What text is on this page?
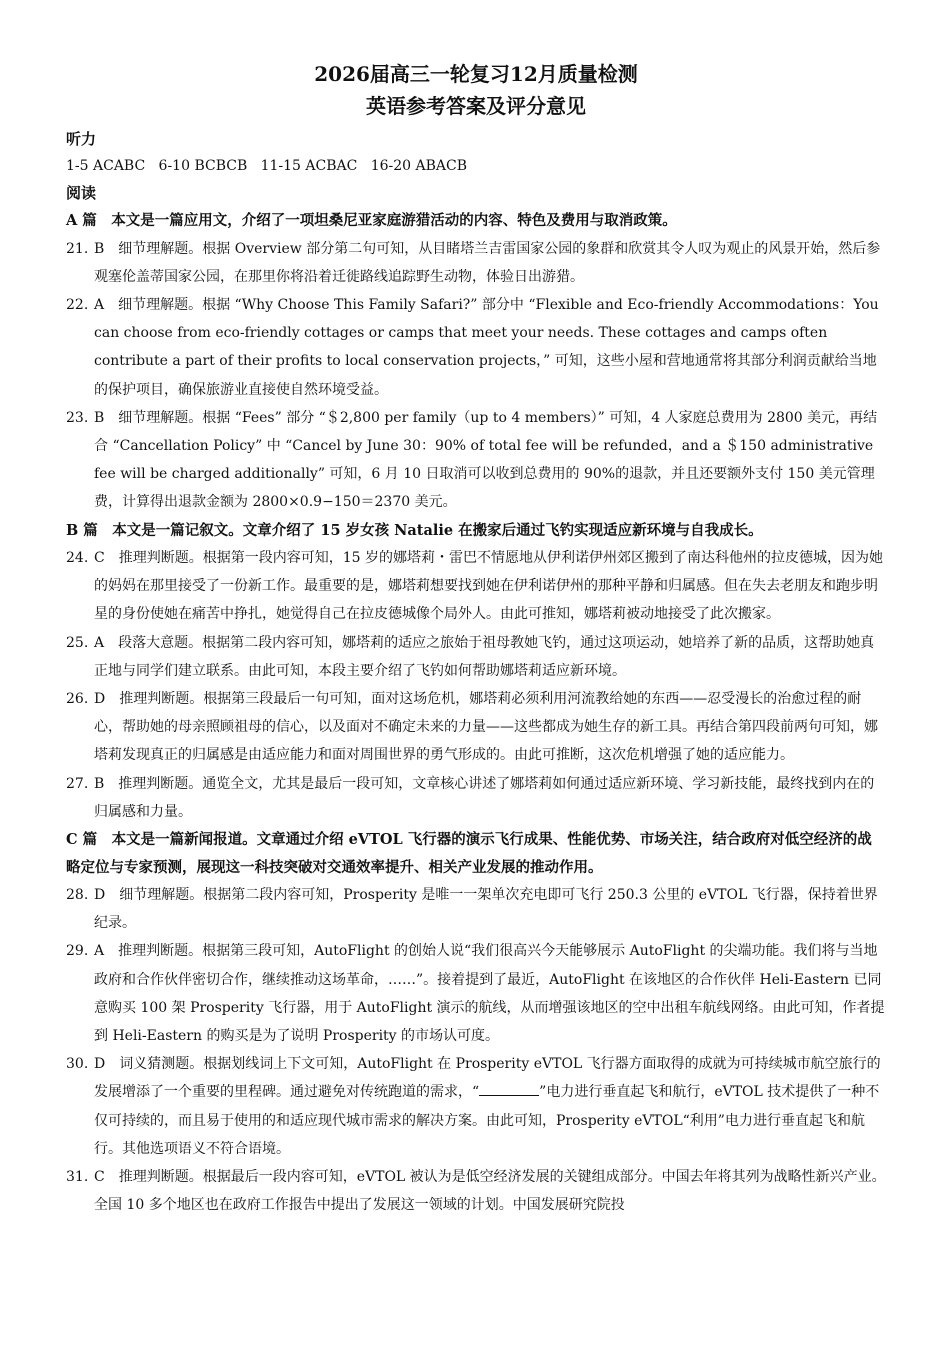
2026届高三一轮复习12月质量检测
英语参考答案及评分意见
听力
1-5 ACABC   6-10 BCBCB   11-15 ACBAC   16-20 ABACB
阅读
A 篇　本文是一篇应用文，介绍了一项坦桑尼亚家庭游猎活动的内容、特色及费用与取消政策。
21. B　细节理解题。根据 Overview 部分第二句可知，从目睹塔兰吉雷国家公园的象群和欣赏其令人叹为观止的风景开始，然后参观塞伦盖蒂国家公园，在那里你将沿着迁徙路线追踪野生动物，体验日出游猎。
22. A　细节理解题。根据 “Why Choose This Family Safari?” 部分中 “Flexible and Eco-friendly Accommodations：You can choose from eco-friendly cottages or camps that meet your needs. These cottages and camps often contribute a part of their profits to local conservation projects，” 可知，这些小屋和营地通常将其部分利润贡献给当地的保护项目，确保旅游业直接使自然环境受益。
23. B　细节理解题。根据 “Fees” 部分 “＄2,800 per family（up to 4 members）” 可知，4 人家庭总费用为 2800 美元，再结合 “Cancellation Policy” 中 “Cancel by June 30：90% of total fee will be refunded，and a ＄150 administrative fee will be charged additionally” 可知，6 月 10 日取消可以收到总费用的 90%的退款，并且还要额外支付 150 美元管理费，计算得出退款金额为 2800×0.9−150＝2370 美元。
B 篇　本文是一篇记叙文。文章介绍了 15 岁女孩 Natalie 在搬家后通过飞钓实现适应新环境与自我成长。
24. C　推理判断题。根据第一段内容可知，15 岁的娜塔莉・雷巴不情愿地从伊利诺伊州郊区搬到了南达科他州的拉皮德城，因为她的妈妈在那里接受了一份新工作。最重要的是，娜塔莉想要找到她在伊利诺伊州的那种平静和归属感。但在失去老朋友和跑步明星的身份使她在痛苦中挣扎，她觉得自己在拉皮德城像个局外人。由此可推知，娜塔莉被动地接受了此次搬家。
25. A　段落大意题。根据第二段内容可知，娜塔莉的适应之旅始于祖母教她飞钓，通过这项运动，她培养了新的品质，这帮助她真正地与同学们建立联系。由此可知，本段主要介绍了飞钓如何帮助娜塔莉适应新环境。
26. D　推理判断题。根据第三段最后一句可知，面对这场危机，娜塔莉必须利用河流教给她的东西——忍受漫长的治愈过程的耐心，帮助她的母亲照顾祖母的信心，以及面对不确定未来的力量——这些都成为她生存的新工具。再结合第四段前两句可知，娜塔莉发现真正的归属感是由适应能力和面对周围世界的勇气形成的。由此可推断，这次危机增强了她的适应能力。
27. B　推理判断题。通览全文，尤其是最后一段可知，文章核心讲述了娜塔莉如何通过适应新环境、学习新技能，最终找到内在的归属感和力量。
C 篇　本文是一篇新闻报道。文章通过介绍 eVTOL 飞行器的演示飞行成果、性能优势、市场关注，结合政府对低空经济的战略定位与专家预测，展现这一科技突破对交通效率提升、相关产业发展的推动作用。
28. D　细节理解题。根据第二段内容可知，Prosperity 是唯一一架单次充电即可飞行 250.3 公里的 eVTOL 飞行器，保持着世界纪录。
29. A　推理判断题。根据第三段可知，AutoFlight 的创始人说“我们很高兴今天能够展示 AutoFlight 的尖端功能。我们将与当地政府和合作伙伴密切合作，继续推动这场革命，……”。接着提到了最近，AutoFlight 在该地区的合作伙伴 Heli-Eastern 已同意购买 100 架 Prosperity 飞行器，用于 AutoFlight 演示的航线，从而增强该地区的空中出租车航线网络。由此可知，作者提到 Heli-Eastern 的购买是为了说明 Prosperity 的市场认可度。
30. D　词义猜测题。根据划线词上下文可知，AutoFlight 在 Prosperity eVTOL 飞行器方面取得的成就为可持续城市航空旅行的发展增添了一个重要的里程碑。通过避免对传统跑道的需求，“	”电力进行垂直起飞和航行，eVTOL 技术提供了一种不仅可持续的，而且易于使用的和适应现代城市需求的解决方案。由此可知，Prosperity eVTOL“利用”电力进行垂直起飞和航行。其他选项语义不符合语境。
31. C　推理判断题。根据最后一段内容可知，eVTOL 被认为是低空经济发展的关键组成部分。中国去年将其列为战略性新兴产业。全国 10 多个地区也在政府工作报告中提出了发展这一领域的计划。中国发展研究院投
